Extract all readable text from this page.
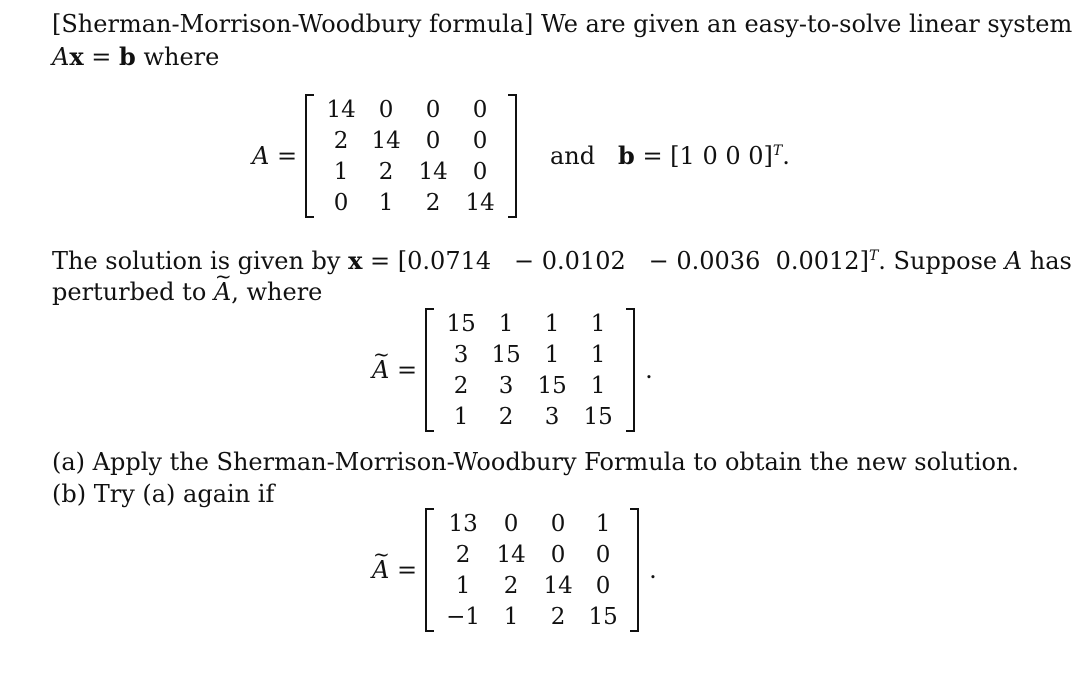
[Sherman-Morrison-Woodbury formula] We are given an easy-to-solve linear system
Ax = b where
A =
14	0	0	0
2	14	0	0
1	2	14	0
0	1	2	14
and b = [1 0 0 0]$^T$.
The solution is given by x = [0.0714   − 0.0102   − 0.0036  0.0012]$^T$. Suppose A has
perturbed to ~ A, where
~ A =
15	1	1	1
3	15	1	1
2	3	15	1
1	2	3	15
.
(a) Apply the Sherman-Morrison-Woodbury Formula to obtain the new solution.
(b) Try (a) again if
~ A =
13	0	0	1
2	14	0	0
1	2	14	0
−1	1	2	15
.
